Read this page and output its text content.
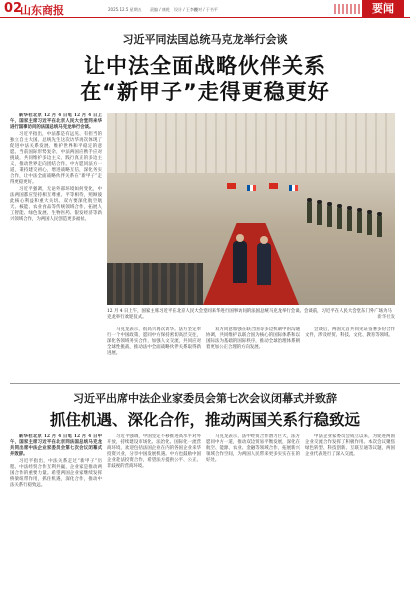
02
山东商报	2025.12.5 星期五 责编 / 康乾 设计 / 王李群
校对 / 于书平	要闻
习近平同法国总统马克龙举行会谈
让中法全面战略伙伴关系
在“新甲子”走得更稳更好

新华社北京 12 月 4 日电 12 月 4 日上午，国家主席习近平在北京人民大会堂同来华进行国事访问的法国总统马克龙举行会谈。

习近平指出，中法都是有远见、有担当的独立自主大国。总统先生这次访华再次体现了促进中法关系发展、维护世界和平稳定的意愿。当前国际形势复杂，中法两国应携手应对挑战，共同维护多边主义、践行真正的多边主义，推动世界走向团结合作。中方愿同法方一道，秉持建交初心，增进战略互信，深化务实合作，让中法全面战略伙伴关系在“新甲子”走得更稳更好。

习近平强调，无论外部环境如何变化，中法两国都应坚持相互尊重、平等相待，照顾彼此核心利益和重大关切。双方要深化航空航天、核能、农业食品等传统领域合作，拓展人工智能、绿色发展、生物医药、银发经济等新兴领域合作，为两国人民创造更多福祉。

12 月 4 日上午，国家主席习近平在北京人民大会堂同来华进行国事访问的法国总统马克龙举行会谈。会谈前，习近平在人民大会堂东门外广场为马克龙举行欢迎仪式。	新华社发

马克龙表示，很高兴再次访华。法方坚定奉行一个中国政策，愿同中方保持密切高层交往，深化各领域务实合作，加强人文交流，共同应对全球性挑战，推动法中全面战略伙伴关系取得新进展。

双方同意加强在联合国等多边机制中的沟通协调，共同维护以联合国为核心的国际体系和以国际法为基础的国际秩序，推动全球治理体系朝着更加公正合理的方向发展。

会谈后，两国元首共同见证签署多份合作文件，涉及经贸、科技、文化、教育等领域。

习近平出席中法企业家委员会第七次会议闭幕式并致辞
抓住机遇、深化合作，推动两国关系行稳致远

新华社北京 12 月 4 日电 12 月 4 日中午，国家主席习近平在北京同法国总统马克龙共同出席中法企业家委员会第七次会议闭幕式并致辞。

习近平指出，中法关系走过“新甲子”历程。中法经贸合作互利共赢，企业家是推动两国合作的重要力量。希望两国企业家继续发挥桥梁纽带作用，抓住机遇，深化合作，推动中法关系行稳致远。

习近平强调，中国坚定不移推进高水平对外开放，持续建设市场化、法治化、国际化一流营商环境，欢迎包括法国企业在内的各国企业来华投资兴业，分享中国发展机遇。中方也鼓励中国企业赴法投资合作，希望法方提供公平、公正、非歧视的营商环境。

马克龙表示，法中经贸合作潜力巨大，法方愿同中方一道，推动双边贸易平衡发展，深化在航空、能源、农业、金融等领域合作，拓展新兴领域合作空间，为两国人民带来更多实实在在的好处。

中法企业家委员会成立以来，为促进两国企业交流合作发挥了积极作用。本次会议聚焦绿色转型、科技创新、互联互通等议题，两国企业代表进行了深入交流。
